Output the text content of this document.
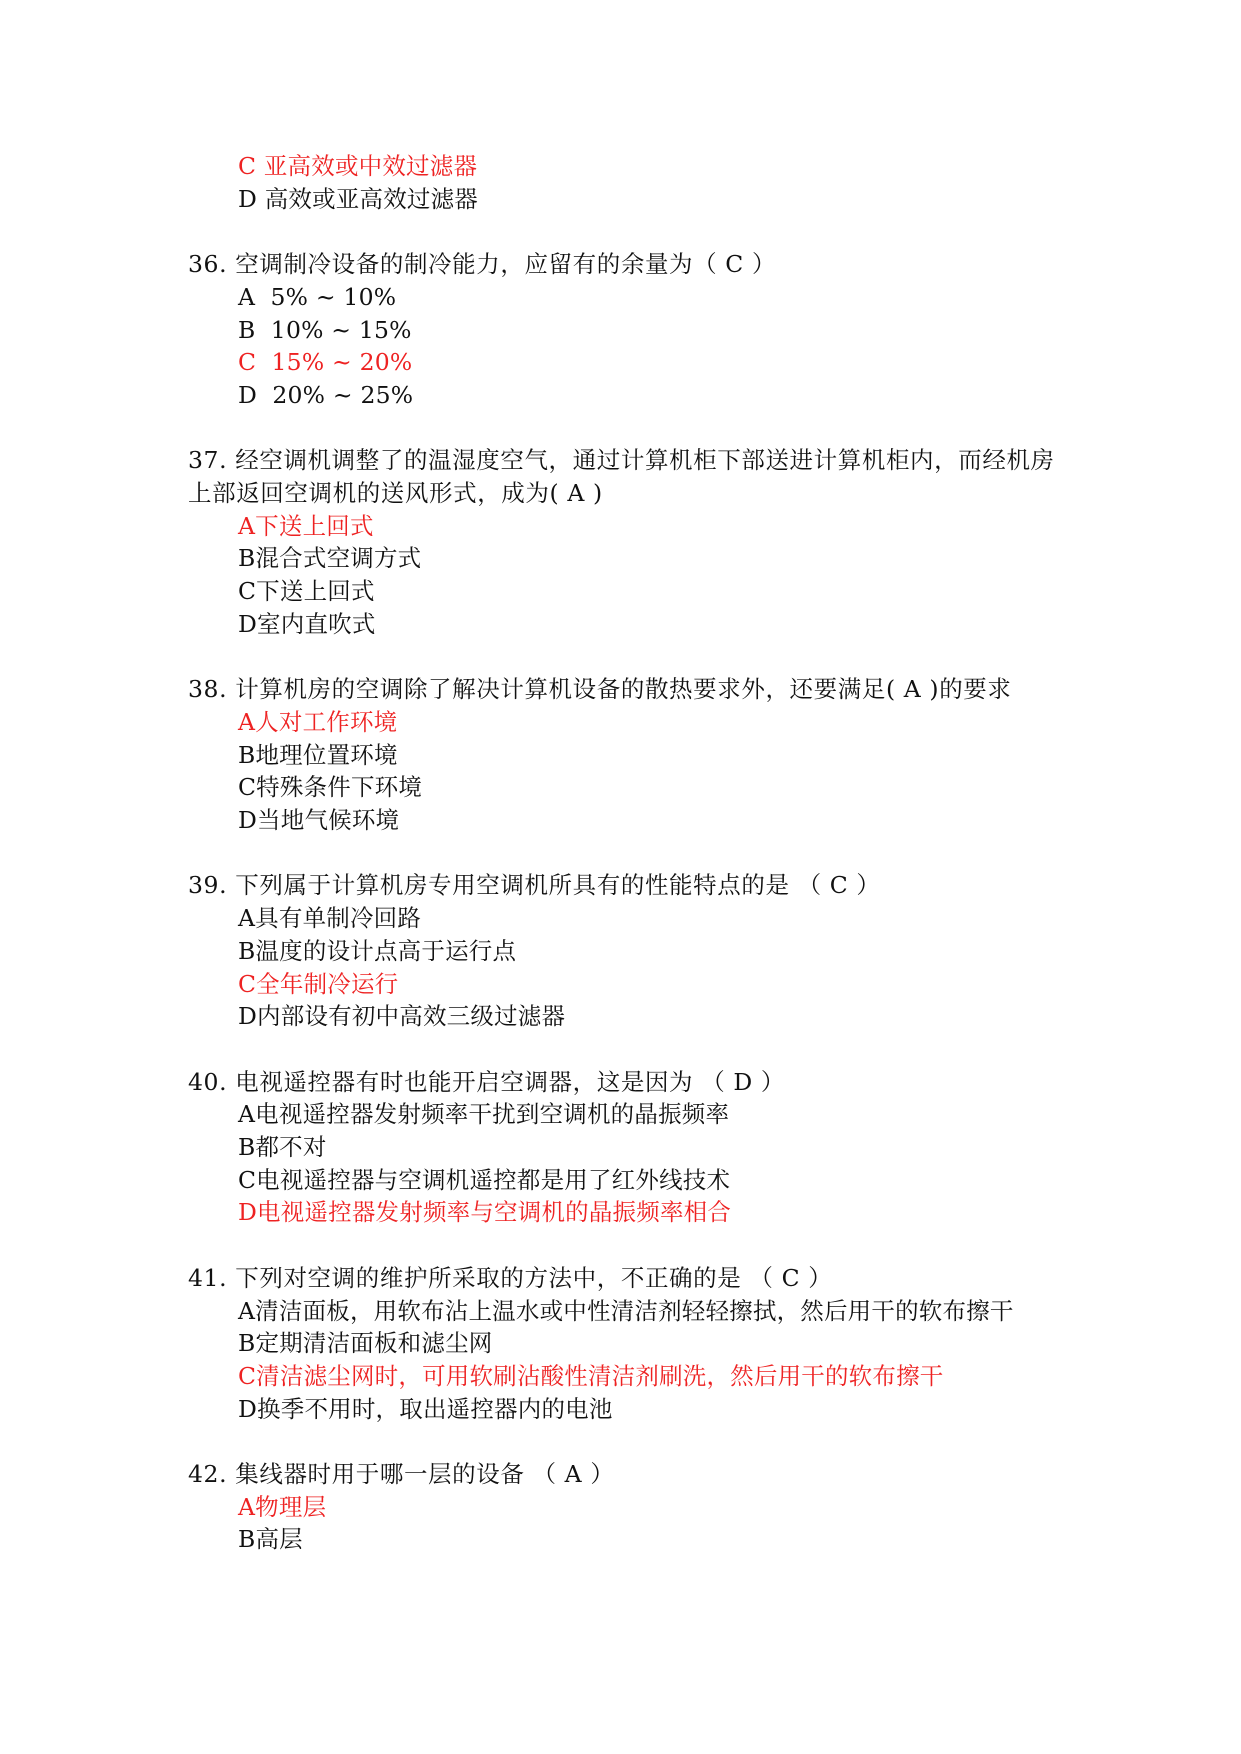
C 亚高效或中效过滤器
D 高效或亚高效过滤器
36. 空调制冷设备的制冷能力，应留有的余量为（ C ）
A  5% ~ 10%
B  10% ~ 15%
C  15% ~ 20%
D  20% ~ 25%
37. 经空调机调整了的温湿度空气，通过计算机柜下部送进计算机柜内，而经机房上部返回空调机的送风形式，成为( A )
A下送上回式
B混合式空调方式
C下送上回式
D室内直吹式
38. 计算机房的空调除了解决计算机设备的散热要求外，还要满足( A )的要求
A人对工作环境
B地理位置环境
C特殊条件下环境
D当地气候环境
39. 下列属于计算机房专用空调机所具有的性能特点的是 （ C ）
A具有单制冷回路
B温度的设计点高于运行点
C全年制冷运行
D内部设有初中高效三级过滤器
40. 电视遥控器有时也能开启空调器，这是因为 （ D ）
A电视遥控器发射频率干扰到空调机的晶振频率
B都不对
C电视遥控器与空调机遥控都是用了红外线技术
D电视遥控器发射频率与空调机的晶振频率相合
41. 下列对空调的维护所采取的方法中，不正确的是 （ C ）
A清洁面板，用软布沾上温水或中性清洁剂轻轻擦拭，然后用干的软布擦干
B定期清洁面板和滤尘网
C清洁滤尘网时，可用软刷沾酸性清洁剂刷洗，然后用干的软布擦干
D换季不用时，取出遥控器内的电池
42. 集线器时用于哪一层的设备 （ A ）
A物理层
B高层
